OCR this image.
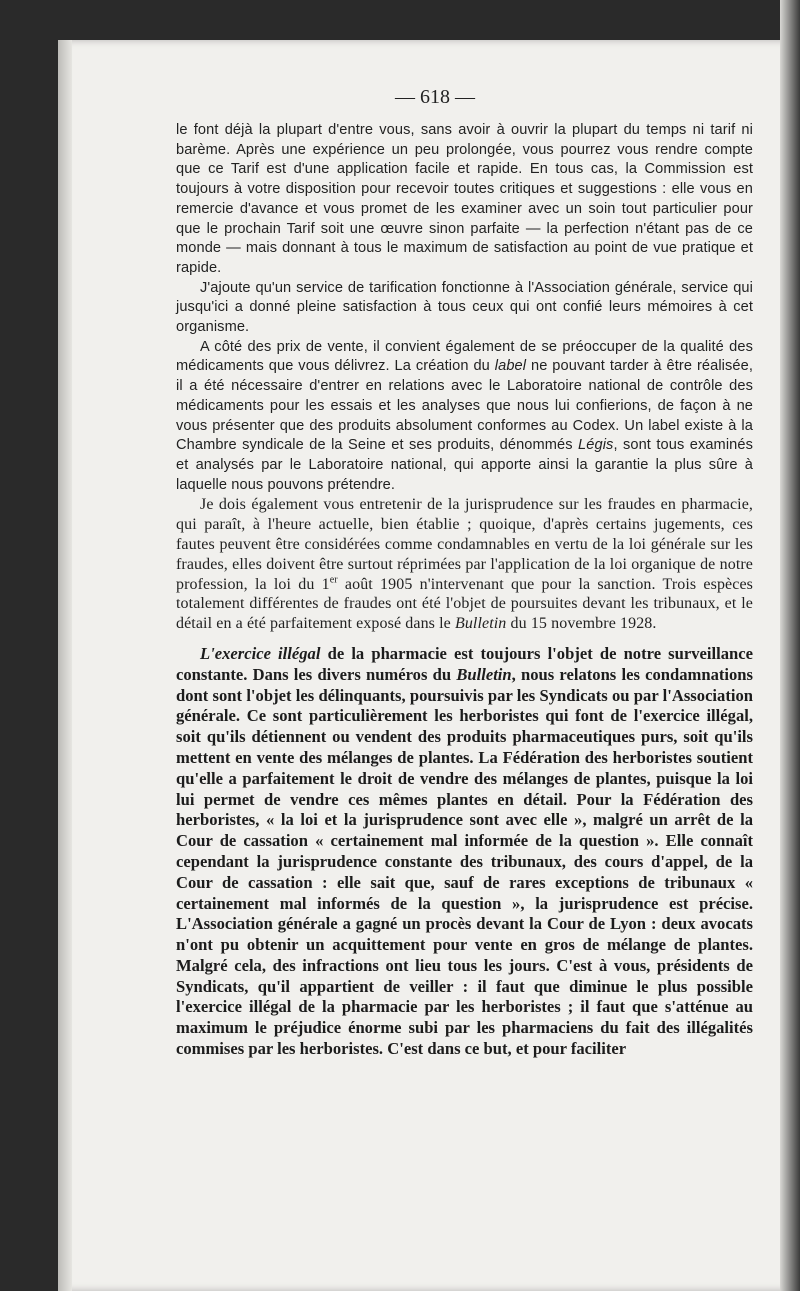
— 618 —

le font déjà la plupart d'entre vous, sans avoir à ouvrir la plupart du temps ni tarif ni barème. Après une expérience un peu prolongée, vous pourrez vous rendre compte que ce Tarif est d'une application facile et rapide. En tous cas, la Commission est toujours à votre disposition pour recevoir toutes critiques et suggestions : elle vous en remercie d'avance et vous promet de les examiner avec un soin tout particulier pour que le prochain Tarif soit une œuvre sinon parfaite — la perfection n'étant pas de ce monde — mais donnant à tous le maximum de satisfaction au point de vue pratique et rapide.

J'ajoute qu'un service de tarification fonctionne à l'Association générale, service qui jusqu'ici a donné pleine satisfaction à tous ceux qui ont confié leurs mémoires à cet organisme.

A côté des prix de vente, il convient également de se préoccuper de la qualité des médicaments que vous délivrez. La création du label ne pouvant tarder à être réalisée, il a été nécessaire d'entrer en relations avec le Laboratoire national de contrôle des médicaments pour les essais et les analyses que nous lui confierions, de façon à ne vous présenter que des produits absolument conformes au Codex. Un label existe à la Chambre syndicale de la Seine et ses produits, dénommés Légis, sont tous examinés et analysés par le Laboratoire national, qui apporte ainsi la garantie la plus sûre à laquelle nous pouvons prétendre.

Je dois également vous entretenir de la jurisprudence sur les fraudes en pharmacie, qui paraît, à l'heure actuelle, bien établie ; quoique, d'après certains jugements, ces fautes peuvent être considérées comme condamnables en vertu de la loi générale sur les fraudes, elles doivent être surtout réprimées par l'application de la loi organique de notre profession, la loi du 1er août 1905 n'intervenant que pour la sanction. Trois espèces totalement différentes de fraudes ont été l'objet de poursuites devant les tribunaux, et le détail en a été parfaitement exposé dans le Bulletin du 15 novembre 1928.

L'exercice illégal de la pharmacie est toujours l'objet de notre surveillance constante. Dans les divers numéros du Bulletin, nous relatons les condamnations dont sont l'objet les délinquants, poursuivis par les Syndicats ou par l'Association générale. Ce sont particulièrement les herboristes qui font de l'exercice illégal, soit qu'ils détiennent ou vendent des produits pharmaceutiques purs, soit qu'ils mettent en vente des mélanges de plantes. La Fédération des herboristes soutient qu'elle a parfaitement le droit de vendre des mélanges de plantes, puisque la loi lui permet de vendre ces mêmes plantes en détail. Pour la Fédération des herboristes, « la loi et la jurisprudence sont avec elle », malgré un arrêt de la Cour de cassation « certainement mal informée de la question ». Elle connaît cependant la jurisprudence constante des tribunaux, des cours d'appel, de la Cour de cassation : elle sait que, sauf de rares exceptions de tribunaux « certainement mal informés de la question », la jurisprudence est précise. L'Association générale a gagné un procès devant la Cour de Lyon : deux avocats n'ont pu obtenir un acquittement pour vente en gros de mélange de plantes. Malgré cela, des infractions ont lieu tous les jours. C'est à vous, présidents de Syndicats, qu'il appartient de veiller : il faut que diminue le plus possible l'exercice illégal de la pharmacie par les herboristes ; il faut que s'atténue au maximum le préjudice énorme subi par les pharmaciens du fait des illégalités commises par les herboristes. C'est dans ce but, et pour faciliter
